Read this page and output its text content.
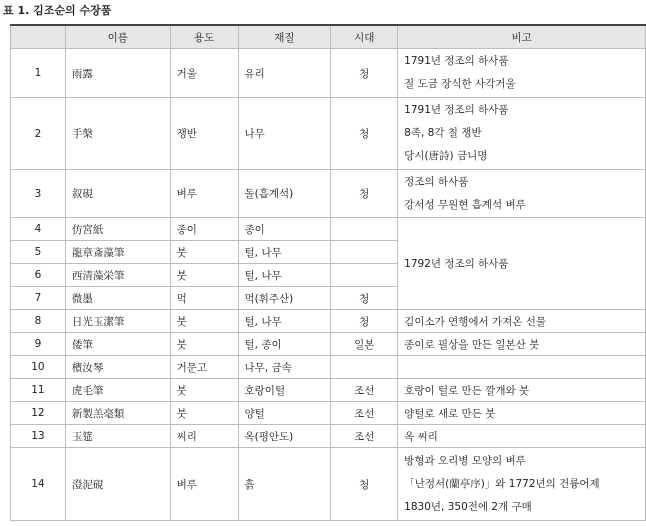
표 1. 김조순의 수장품
	이름	용도	재질	시대	비고
1	雨露	거울	유리	청	1791년 정조의 하사품
질 도금 장식한 사각거울

2	手槃	쟁반	나무	청	1791년 정조의 하사품
8족, 8각 칠 쟁반
당시(唐詩) 금니명

3	叙硯	벼루	돌(흡계석)	청	정조의 하사품
강서성 무원현 흡계석 벼루

4	仿宮紙	종이	종이		1792년 정조의 하사품
5	龍章斎藻筆	붓	털, 나무		
6	西清藻栄筆	붓	털, 나무		
7	微墨	먹	먹(휘주산)	청	
8	日光玉潔筆	붓	털, 나무	청	김이소가 연행에서 가져온 선물
9	倭筆	붓	털, 종이	일본	종이로 필상을 만든 일본산 붓
10	檳汝琴	거문고	나무, 금속		
11	虎毛筆	붓	호랑이털	조선	호랑이 털로 만든 깔개와 붓
12	新製羔毫類	붓	양털	조선	양털로 새로 만든 붓
13	玉筵	씨리	옥(평안도)	조선	옥 씨리
14	澄泥硯	벼루	흙	청	방형과 오리병 모양의 벼루
「난정서(蘭亭序)」와 1772년의 건륭어제
1830년, 350전에 2개 구매
